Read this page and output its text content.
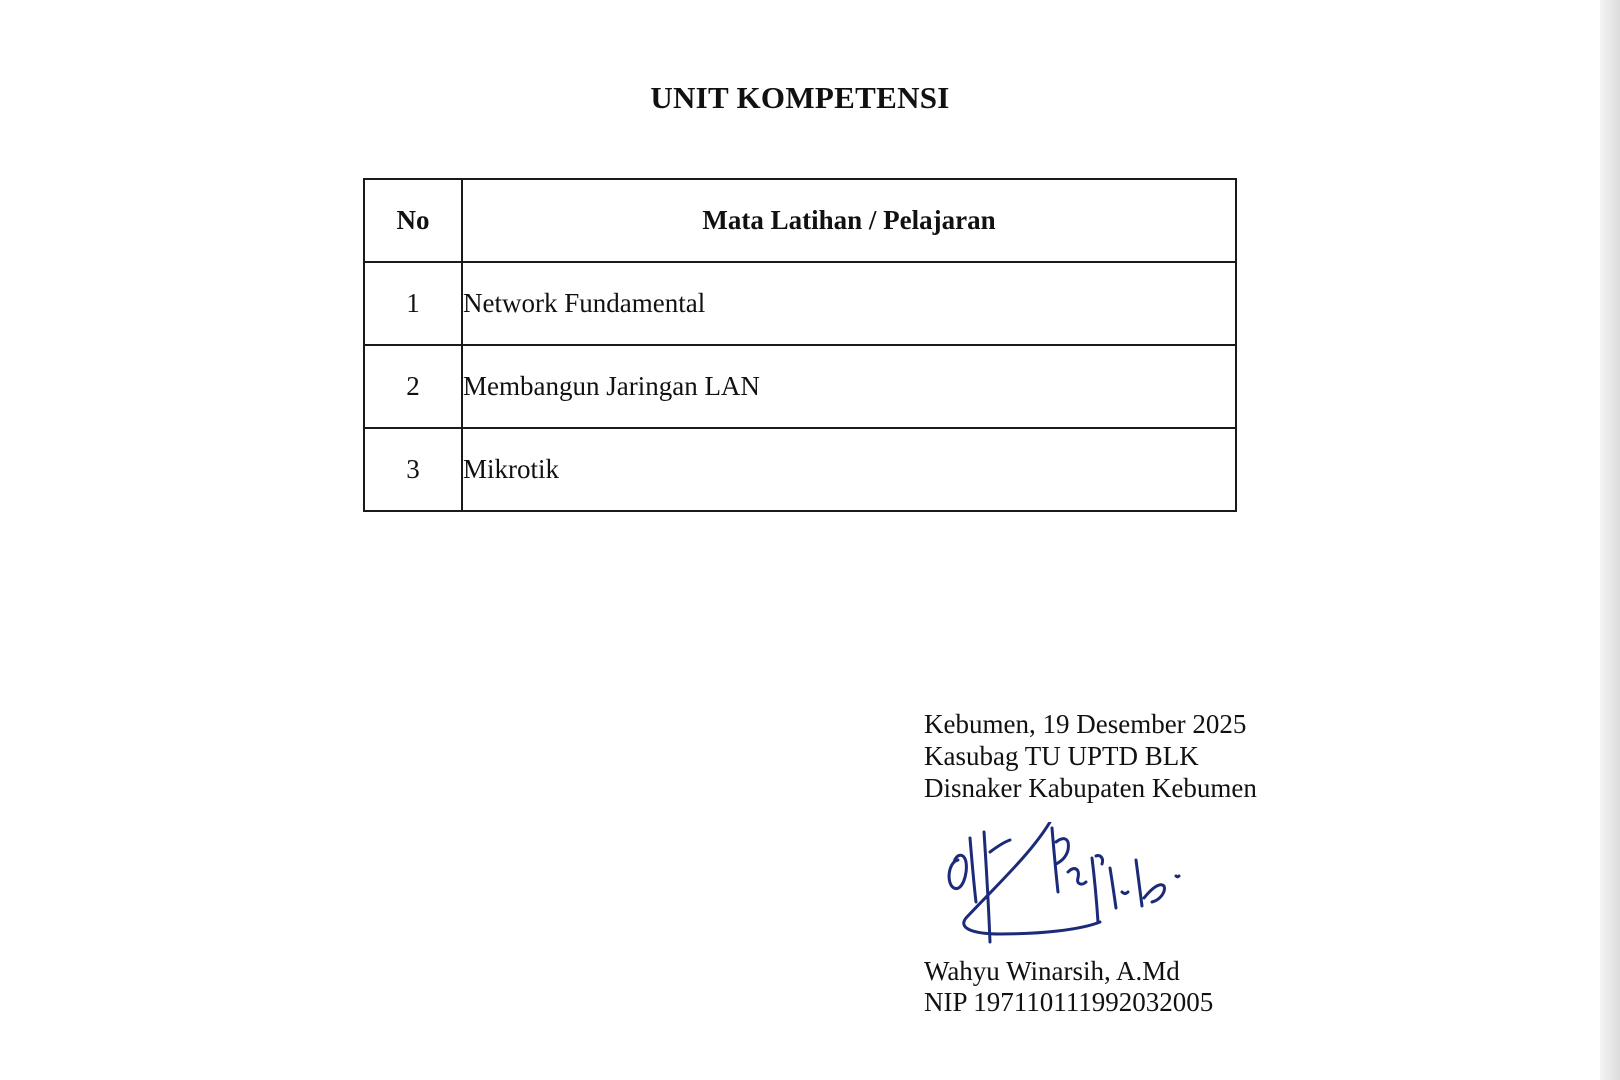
UNIT KOMPETENSI
No	Mata Latihan / Pelajaran
1	Network Fundamental
2	Membangun Jaringan LAN
3	Mikrotik
Kebumen, 19 Desember 2025
Kasubag TU UPTD BLK
Disnaker Kabupaten Kebumen
Wahyu Winarsih, A.Md
NIP 197110111992032005
